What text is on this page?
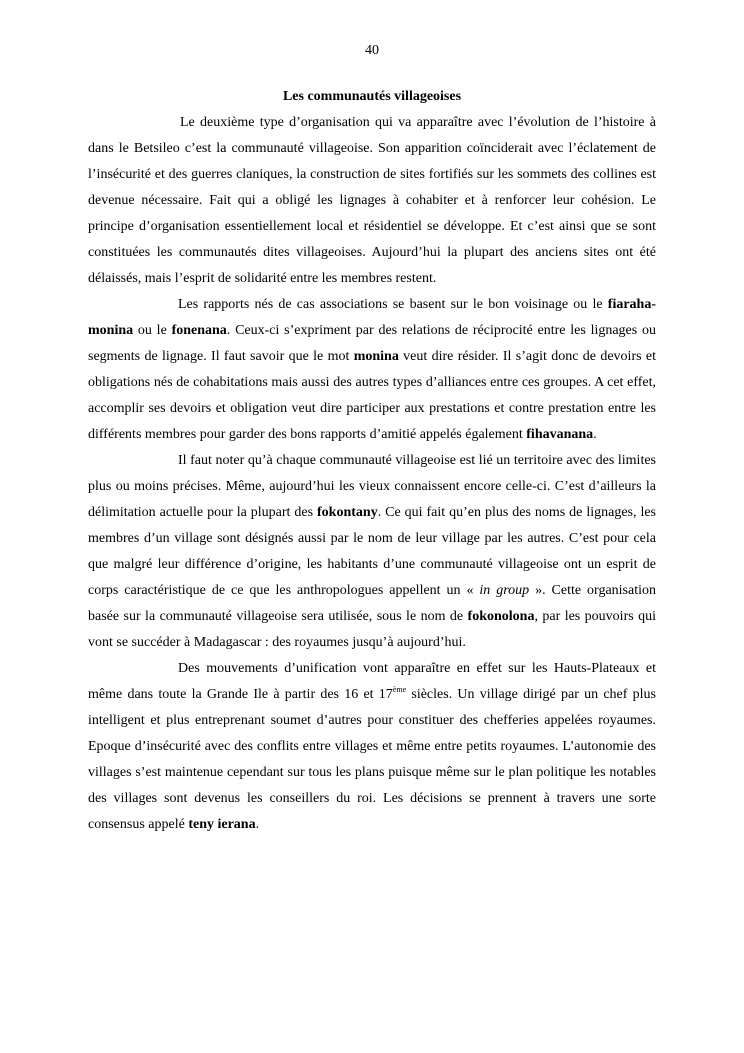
40
Les communautés villageoises

Le deuxième type d’organisation qui va apparaître avec l’évolution de l’histoire à dans le Betsileo c’est la communauté villageoise. Son apparition coïnciderait avec l’éclatement de l’insécurité et des guerres claniques, la construction de sites fortifiés sur les sommets des collines est devenue nécessaire. Fait qui a obligé les lignages à cohabiter et à renforcer leur cohésion. Le principe d’organisation essentiellement local et résidentiel se développe. Et c’est ainsi que se sont constituées les communautés dites villageoises. Aujourd’hui la plupart des anciens sites ont été délaissés, mais l’esprit de solidarité entre les membres restent.

Les rapports nés de cas associations se basent sur le bon voisinage ou le fiaraha-monina ou le fonenana. Ceux-ci s’expriment par des relations de réciprocité entre les lignages ou segments de lignage. Il faut savoir que le mot monina veut dire résider. Il s’agit donc de devoirs et obligations nés de cohabitations mais aussi des autres types d’alliances entre ces groupes. A cet effet, accomplir ses devoirs et obligation veut dire participer aux prestations et contre prestation entre les différents membres pour garder des bons rapports d’amitié appelés également fihavanana.

Il faut noter qu’à chaque communauté villageoise est lié un territoire avec des limites plus ou moins précises. Même, aujourd’hui les vieux connaissent encore celle-ci. C’est d’ailleurs la délimitation actuelle pour la plupart des fokontany. Ce qui fait qu’en plus des noms de lignages, les membres d’un village sont désignés aussi par le nom de leur village par les autres. C’est pour cela que malgré leur différence d’origine, les habitants d’une communauté villageoise ont un esprit de corps caractéristique de ce que les anthropologues appellent un « in group ». Cette organisation basée sur la communauté villageoise sera utilisée, sous le nom de fokonolona, par les pouvoirs qui vont se succéder à Madagascar : des royaumes jusqu’à aujourd’hui.

Des mouvements d’unification vont apparaître en effet sur les Hauts-Plateaux et même dans toute la Grande Ile à partir des 16 et 17ème siècles. Un village dirigé par un chef plus intelligent et plus entreprenant soumet d’autres pour constituer des chefferies appelées royaumes. Epoque d’insécurité avec des conflits entre villages et même entre petits royaumes. L’autonomie des villages s’est maintenue cependant sur tous les plans puisque même sur le plan politique les notables des villages sont devenus les conseillers du roi. Les décisions se prennent à travers une sorte consensus appelé teny ierana.
